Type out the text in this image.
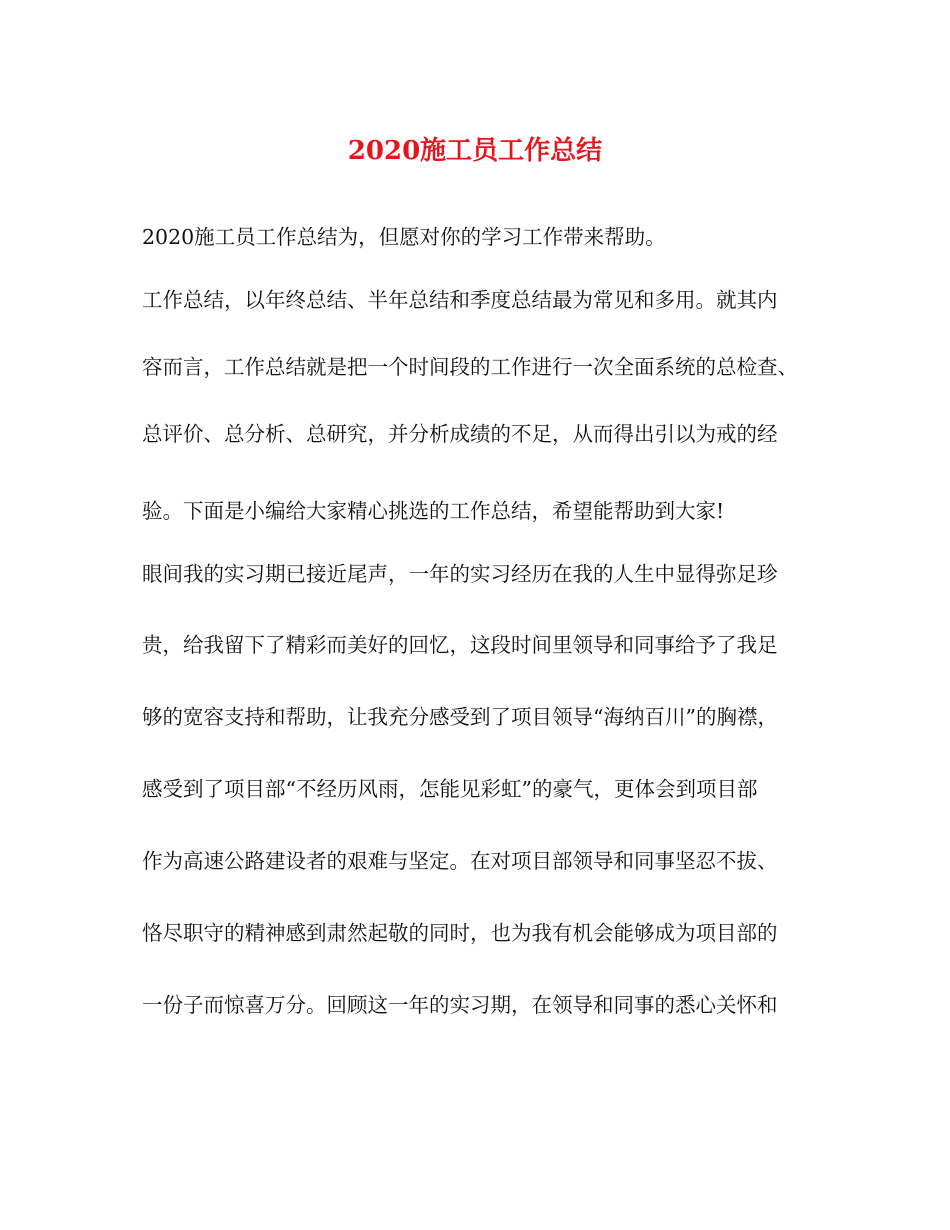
2020施工员工作总结

2020施工员工作总结为，但愿对你的学习工作带来帮助。

工作总结，以年终总结、半年总结和季度总结最为常见和多用。就其内

容而言，工作总结就是把一个时间段的工作进行一次全面系统的总检查、

总评价、总分析、总研究，并分析成绩的不足，从而得出引以为戒的经

验。下面是小编给大家精心挑选的工作总结，希望能帮助到大家!

眼间我的实习期已接近尾声，一年的实习经历在我的人生中显得弥足珍

贵，给我留下了精彩而美好的回忆，这段时间里领导和同事给予了我足

够的宽容支持和帮助，让我充分感受到了项目领导“海纳百川”的胸襟，

感受到了项目部“不经历风雨，怎能见彩虹”的豪气，更体会到项目部

作为高速公路建设者的艰难与坚定。在对项目部领导和同事坚忍不拔、

恪尽职守的精神感到肃然起敬的同时，也为我有机会能够成为项目部的

一份子而惊喜万分。回顾这一年的实习期，在领导和同事的悉心关怀和
